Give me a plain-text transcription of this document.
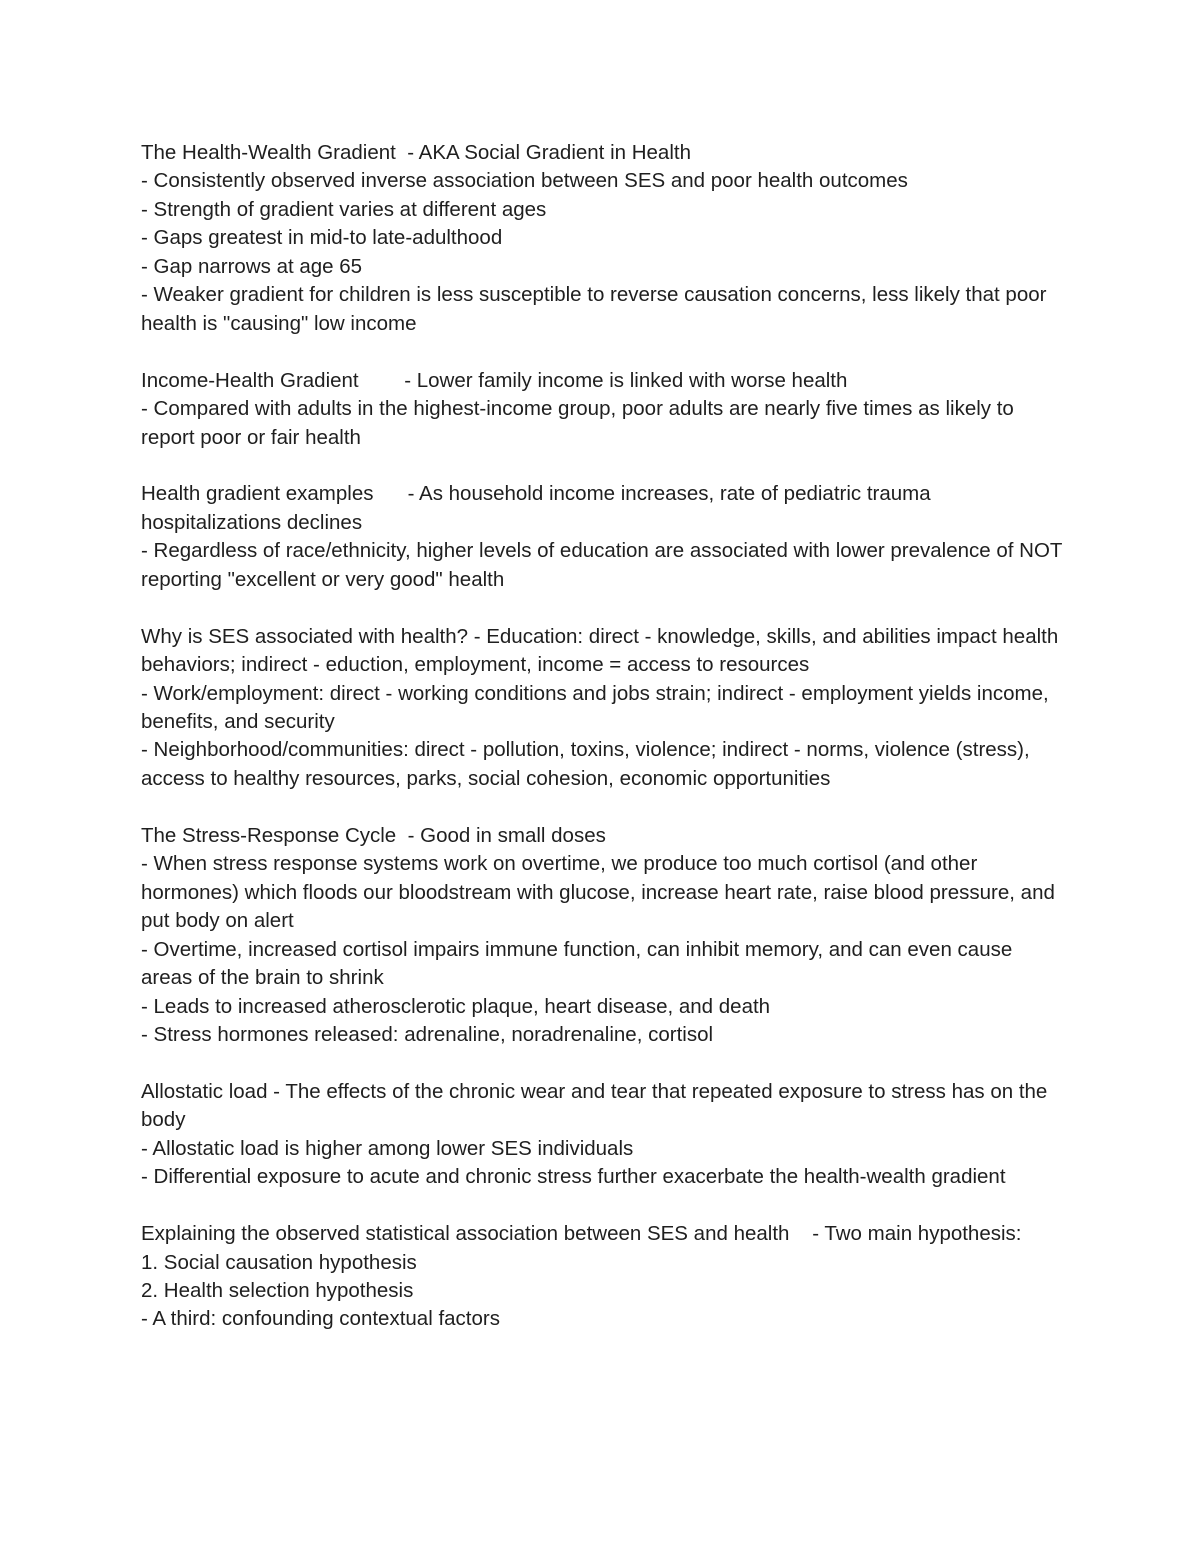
The Health-Wealth Gradient  - AKA Social Gradient in Health

- Consistently observed inverse association between SES and poor health outcomes

- Strength of gradient varies at different ages

- Gaps greatest in mid-to late-adulthood

- Gap narrows at age 65

- Weaker gradient for children is less susceptible to reverse causation concerns, less likely that poor health is "causing" low income

Income-Health Gradient        - Lower family income is linked with worse health

- Compared with adults in the highest-income group, poor adults are nearly five times as likely to report poor or fair health

Health gradient examples      - As household income increases, rate of pediatric trauma hospitalizations declines

- Regardless of race/ethnicity, higher levels of education are associated with lower prevalence of NOT reporting "excellent or very good" health

Why is SES associated with health? - Education: direct - knowledge, skills, and abilities impact health behaviors; indirect - eduction, employment, income = access to resources

- Work/employment: direct - working conditions and jobs strain; indirect - employment yields income, benefits, and security

- Neighborhood/communities: direct - pollution, toxins, violence; indirect - norms, violence (stress), access to healthy resources, parks, social cohesion, economic opportunities

The Stress-Response Cycle  - Good in small doses

- When stress response systems work on overtime, we produce too much cortisol (and other hormones) which floods our bloodstream with glucose, increase heart rate, raise blood pressure, and put body on alert

- Overtime, increased cortisol impairs immune function, can inhibit memory, and can even cause areas of the brain to shrink

- Leads to increased atherosclerotic plaque, heart disease, and death

- Stress hormones released: adrenaline, noradrenaline, cortisol

Allostatic load - The effects of the chronic wear and tear that repeated exposure to stress has on the body

- Allostatic load is higher among lower SES individuals

- Differential exposure to acute and chronic stress further exacerbate the health-wealth gradient

Explaining the observed statistical association between SES and health    - Two main hypothesis:

1. Social causation hypothesis

2. Health selection hypothesis

- A third: confounding contextual factors
